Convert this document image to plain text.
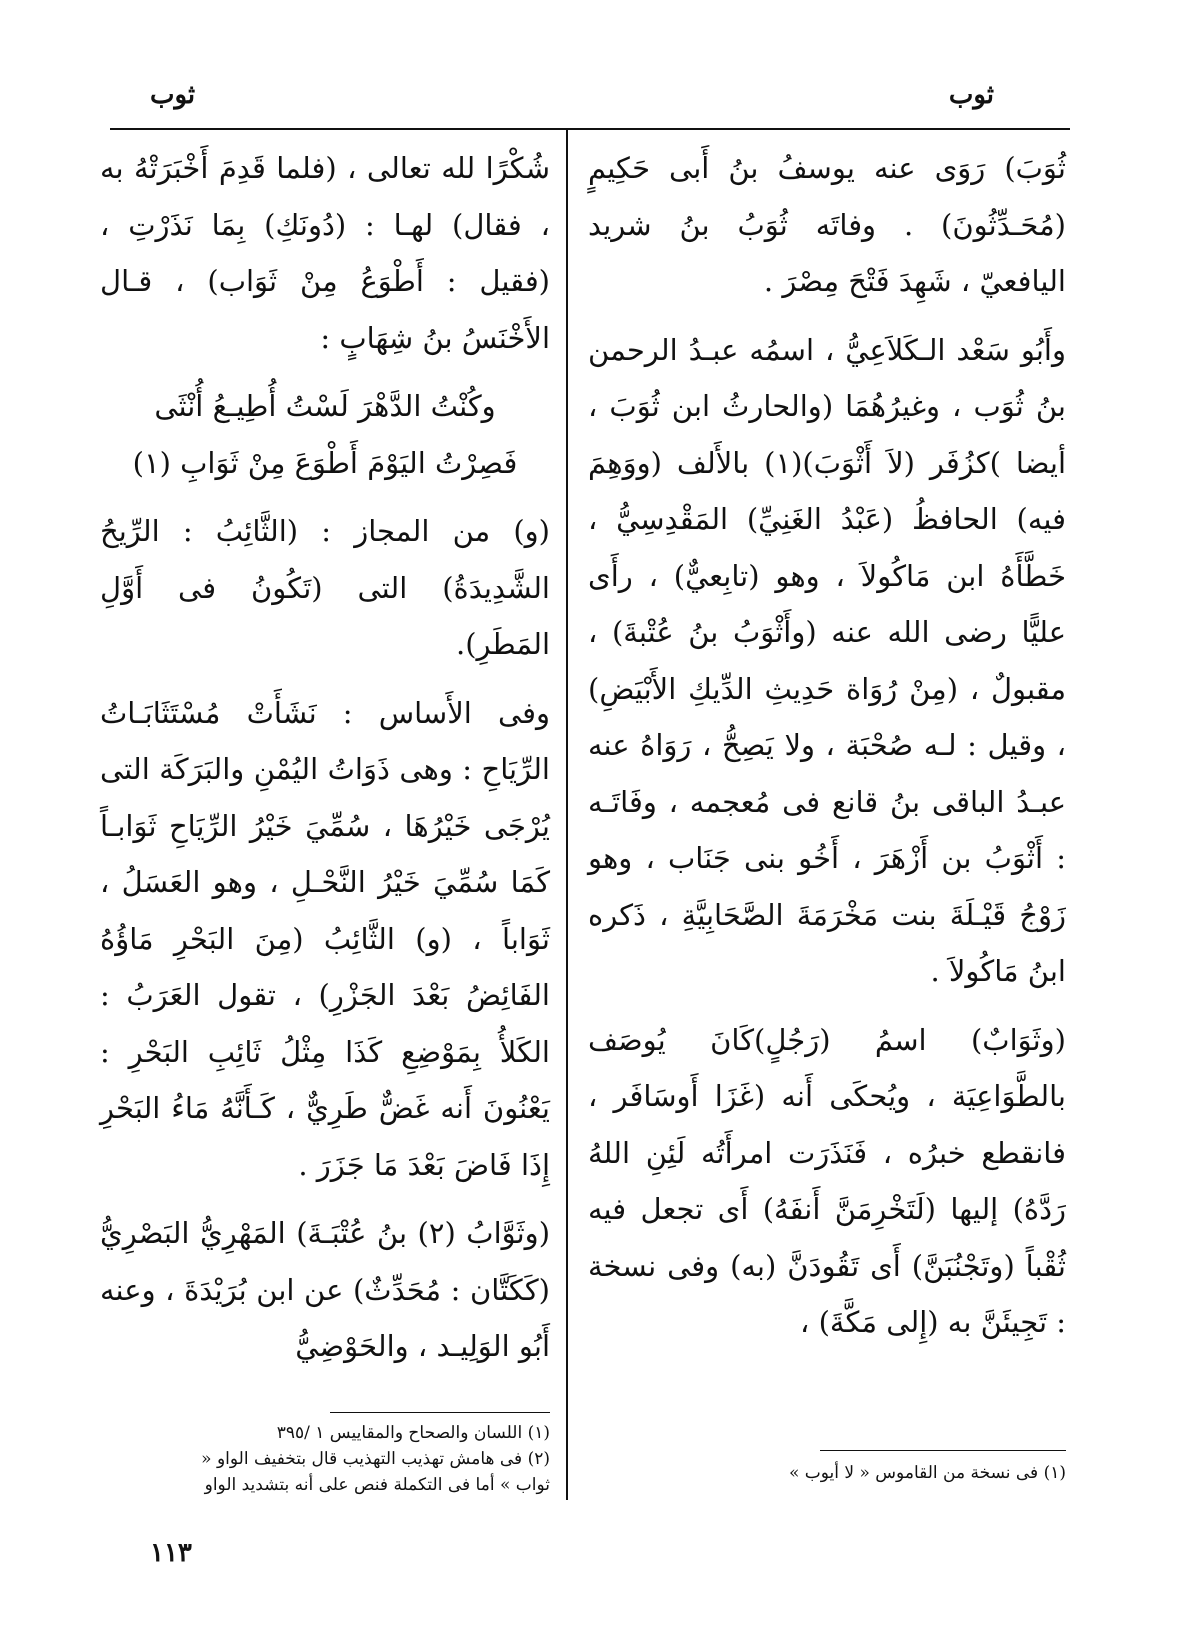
ثوب	ثوب

ثُوَبَ) رَوَى عنه يوسفُ بنُ أَبى حَكِيمٍ (مُحَـدِّثُونَ) . وفاتَه ثُوَبُ بنُ شريد اليافعيّ ، شَهِدَ فَتْحَ مِصْرَ .

وأَبُو سَعْد الـكَلاَعِيُّ ، اسمُه عبـدُ الرحمن بنُ ثُوَب ، وغيرُهُمَا (والحارثُ ابن ثُوَبَ ، أيضا )كزُفَر (لاَ أَثْوَبَ)(١) بالأَلف (ووَهِمَ فيه) الحافظُ (عَبْدُ الغَنِيِّ) المَقْدِسِيُّ ، خَطَّأَهُ ابن مَاكُولاَ ، وهو (تابِعيٌّ) ، رأَى عليًّا رضى الله عنه (وأَثْوَبُ بنُ عُتْبةَ) ، مقبولٌ ، (مِنْ رُوَاة حَدِيثِ الدِّيكِ الأَبْيَضِ) ، وقيل : لـه صُحْبَة ، ولا يَصِحُّ ، رَوَاهُ عنه عبـدُ الباقى بنُ قانع فى مُعجمه ، وفَاتَـه : أَثْوَبُ بن أَزْهَرَ ، أَخُو بنى جَنَاب ، وهو زَوْجُ قَيْـلَةَ بنت مَخْرَمَةَ الصَّحَابِيَّةِ ، ذَكره ابنُ مَاكُولاَ .

(وثَوَابٌ) اسمُ (رَجُلٍ)كَانَ يُوصَف بالطَّوَاعِيَة ، ويُحكَى أَنه (غَزَا أَوسَافَر ، فانقطع خبرُه ، فَنَذَرَت امرأَتُه لَئِنِ اللهُ رَدَّهُ) إليها (لَتَخْرِمَنَّ أَنفَهُ) أَى تجعل فيه ثُقْباً (وتَجْنُبَنَّ) أَى تَقُودَنَّ (به) وفى نسخة : تَجِيئَنَّ به (إِلى مَكَّةَ) ،

شُكْرًا لله تعالى ، (فلما قَدِمَ أَخْبَرَتْهُ به ، فقال) لهـا : (دُونَكِ) بِمَا نَذَرْتِ ، (فقيل : أَطْوَعُ مِنْ ثَوَاب) ، قـال الأَخْنَسُ بنُ شِهَابٍ :

وكُنْتُ الدَّهْرَ لَسْتُ أُطِيـعُ أُنْثَى

فَصِرْتُ اليَوْمَ أَطْوَعَ مِنْ ثَوَابِ (١)

(و) من المجاز : (الثَّائِبُ : الرِّيحُ الشَّدِيدَةُ) التى (تَكُونُ فى أَوَّلِ المَطَرِ).

وفى الأَساس : نَشَأَتْ مُسْتَثَابَـاتُ الرِّيَاحِ : وهى ذَوَاتُ اليُمْنِ والبَرَكَة التى يُرْجَى خَيْرُهَا ، سُمِّيَ خَيْرُ الرِّيَاحِ ثَوَابـاً كَمَا سُمِّيَ خَيْرُ النَّحْـلِ ، وهو العَسَلُ ، ثَوَاباً ، (و) الثَّائِبُ (مِنَ البَحْرِ مَاؤُهُ الفَائِضُ بَعْدَ الجَزْرِ) ، تقول العَرَبُ : الكَلأُ بِمَوْضِعِ كَذَا مِثْلُ ثَائِبِ البَحْرِ : يَعْنُونَ أَنه غَضٌّ طَرِيٌّ ، كَـأَنَّهُ مَاءُ البَحْرِ إِذَا فَاضَ بَعْدَ مَا جَزَرَ .

(وثَوَّابُ (٢) بنُ عُتْبَـةَ) المَهْرِيُّ البَصْرِيُّ (كَكَتَّان : مُحَدِّثٌ) عن ابن بُرَيْدَةَ ، وعنه أَبُو الوَلِيـد ، والحَوْضِيُّ

(١) اللسان والصحاح والمقاييس ١ /٣٩٥

(٢) فى هامش تهذيب التهذيب قال بتخفيف الواو « ثواب » أما فى التكملة فنص على أنه بتشديد الواو

(١) فى نسخة من القاموس « لا أيوب »

١١٣
